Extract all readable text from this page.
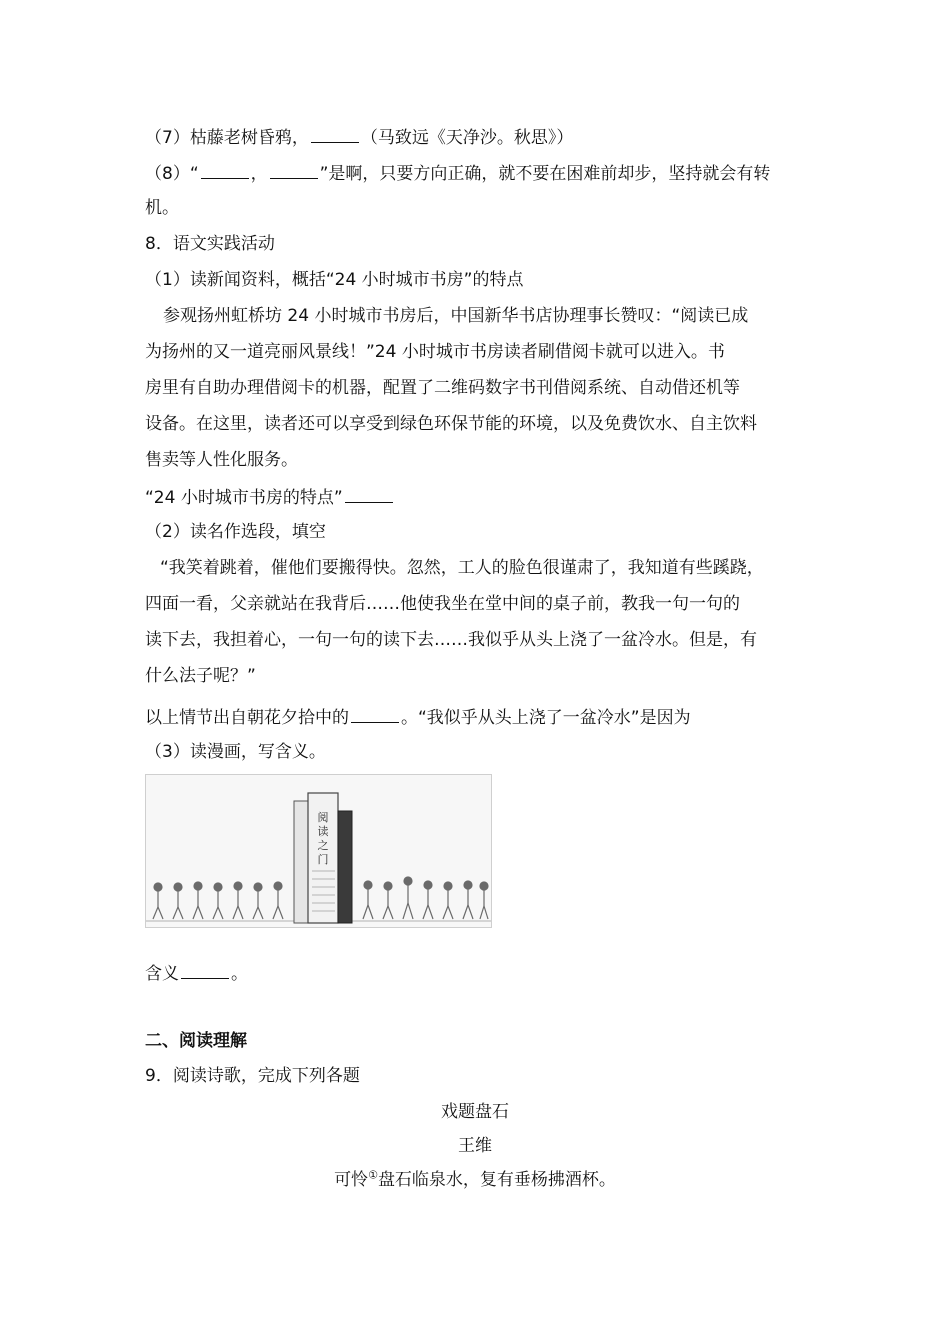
（7）枯藤老树昏鸦，	（马致远《天净沙。秋思》）
（8）“	，	”是啊，只要方向正确，就不要在困难前却步，坚持就会有转
机。
8．语文实践活动
（1）读新闻资料，概括“24 小时城市书房”的特点
参观扬州虹桥坊 24 小时城市书房后，中国新华书店协理事长赞叹：“阅读已成
为扬州的又一道亮丽风景线！”24 小时城市书房读者刷借阅卡就可以进入。书
房里有自助办理借阅卡的机器，配置了二维码数字书刊借阅系统、自动借还机等
设备。在这里，读者还可以享受到绿色环保节能的环境，以及免费饮水、自主饮料
售卖等人性化服务。
“24 小时城市书房的特点”
（2）读名作选段，填空
“我笑着跳着，催他们要搬得快。忽然，工人的脸色很谨肃了，我知道有些蹊跷，
四面一看，父亲就站在我背后……他使我坐在堂中间的桌子前，教我一句一句的
读下去，我担着心，一句一句的读下去……我似乎从头上浇了一盆冷水。但是，有
什么法子呢？”
以上情节出自朝花夕拾中的	。“我似乎从头上浇了一盆冷水”是因为
（3）读漫画，写含义。
阅
读
之
门
含义	。
二、阅读理解
9．阅读诗歌，完成下列各题
戏题盘石
王维
可怜①盘石临泉水，复有垂杨拂酒杯。
